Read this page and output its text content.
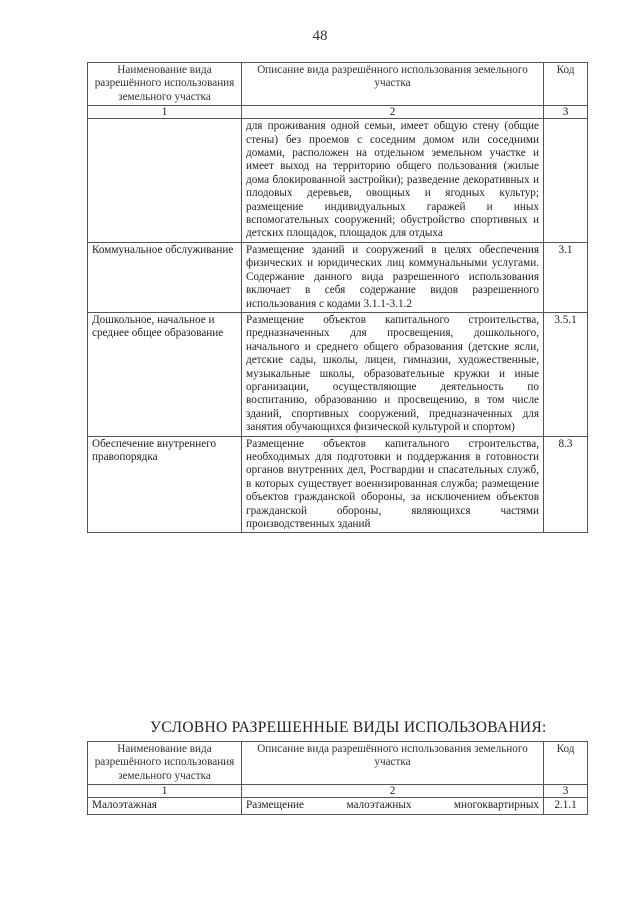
48
Наименование вида разрешённого использования земельного участка	Описание вида разрешённого использования земельного участка	Код
1	2	3
	для проживания одной семьи, имеет общую стену (общие стены) без проемов с соседним домом или соседними домами, расположен на отдельном земельном участке и имеет выход на территорию общего пользования (жилые дома блокированной застройки); разведение декоративных и плодовых деревьев, овощных и ягодных культур; размещение индивидуальных гаражей и иных вспомогательных сооружений; обустройство спортивных и детских площадок, площадок для отдыха	
Коммунальное обслуживание	Размещение зданий и сооружений в целях обеспечения физических и юридических лиц коммунальными услугами. Содержание данного вида разрешенного использования включает в себя содержание видов разрешенного использования с кодами 3.1.1-3.1.2	3.1
Дошкольное, начальное и среднее общее образование	Размещение объектов капитального строительства, предназначенных для просвещения, дошкольного, начального и среднего общего образования (детские ясли, детские сады, школы, лицеи, гимназии, художественные, музыкальные школы, образовательные кружки и иные организации, осуществляющие деятельность по воспитанию, образованию и просвещению, в том числе зданий, спортивных сооружений, предназначенных для занятия обучающихся физической культурой и спортом)	3.5.1
Обеспечение внутреннего правопорядка	Размещение объектов капитального строительства, необходимых для подготовки и поддержания в готовности органов внутренних дел, Росгвардии и спасательных служб, в которых существует военизированная служба; размещение объектов гражданской обороны, за исключением объектов гражданской обороны, являющихся частями производственных зданий	8.3
УСЛОВНО РАЗРЕШЕННЫЕ ВИДЫ ИСПОЛЬЗОВАНИЯ:
Наименование вида разрешённого использования земельного участка	Описание вида разрешённого использования земельного участка	Код
1	2	3
Малоэтажная	Размещение малоэтажных многоквартирных	2.1.1
